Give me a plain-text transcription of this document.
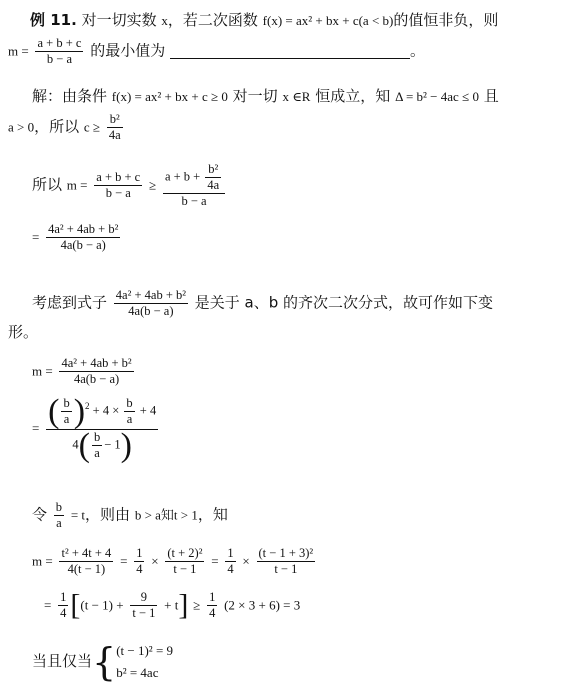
例 11. 对一切实数 x，若二次函数 f(x) = ax² + bx + c(a < b)的值恒非负，则
$m = \frac{a + b + c}{b - a}$ 的最小值为	。
解：由条件 f(x) = ax² + bx + c ≥ 0 对一切 x ∈R 恒成立，知 Δ = b² − 4ac ≤ 0 且
a > 0，所以 $c \ge \frac{\text{b²}}{4a}$
所以 $m = \frac{a + b + c}{b - a} \ge \frac{a + b + \frac{\text{b²}}{4a}}{b - a}$
= $\frac{\text{4a² + 4ab + b²}}{4a(b - a)}$
考虑到式子 $\frac{\text{4a² + 4ab + b²}}{4a(b - a)}$ 是关于 a、b 的齐次二次分式，故可作如下变
形。
$m = \frac{\text{4a² + 4ab + b²}}{4a(b - a)}$
= $\frac{( \frac{b}{a} )^2 + 4 \times \frac{b}{a} + 4}{4( \frac{b}{a} - 1)}$
令 $\frac{b}{a} = t$，则由 b > a知t > 1，知
$m = \frac{\text{t² + 4t + 4}}{4(t - 1)} = \frac{1}{4} \times \frac{\text{(t + 2)²}}{t - 1} = \frac{1}{4} \times \frac{\text{(t − 1 + 3)²}}{t - 1}$
= $\frac{1}{4} [(t - 1) + \frac{9}{t - 1} + t] \ge \frac{1}{4} (2 \times 3 + 6) = 3$
当且仅当{ (t − 1)² = 9
b² = 4ac
